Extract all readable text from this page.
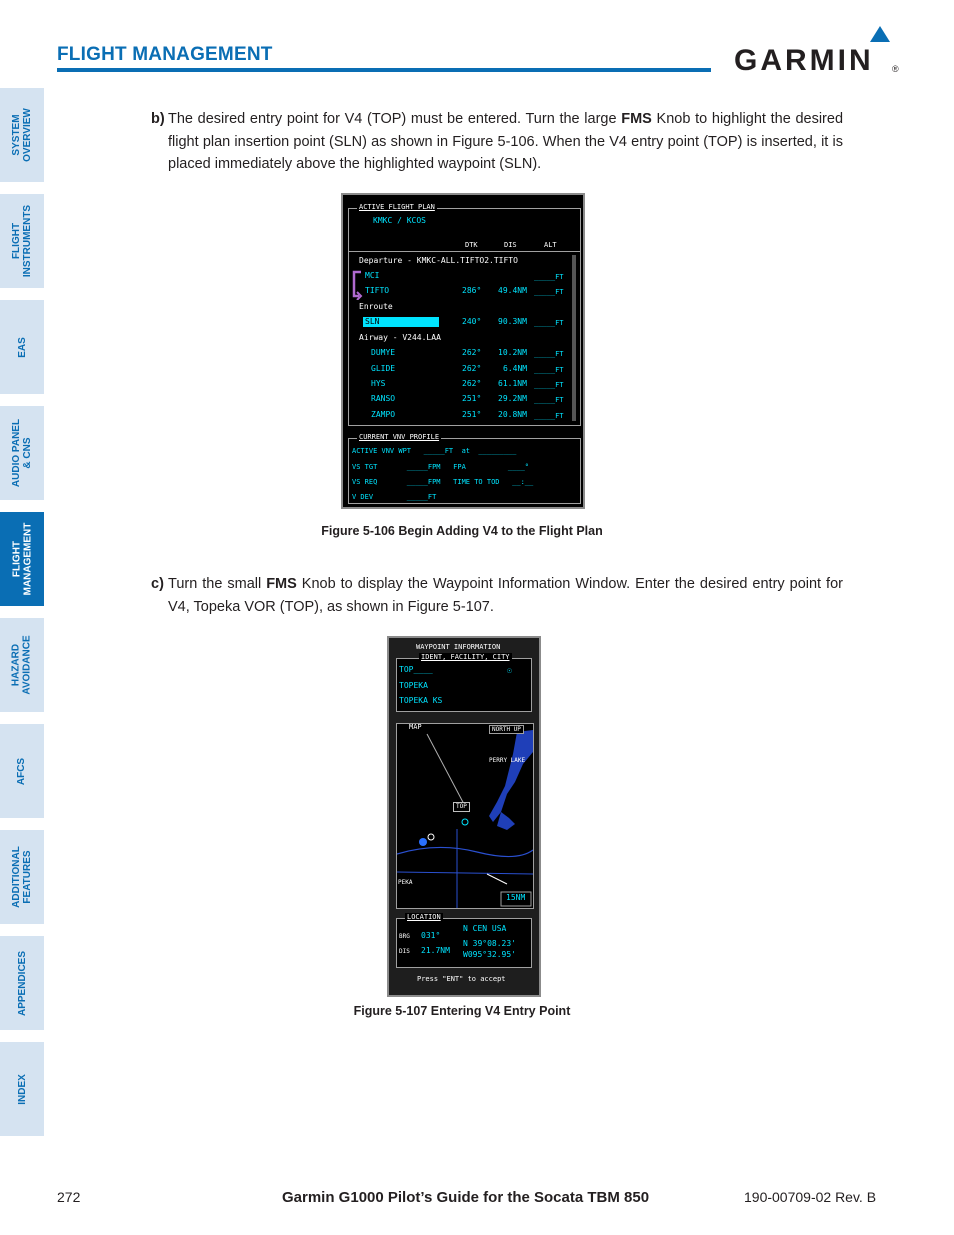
FLIGHT MANAGEMENT	GARMIN ®
SYSTEM
OVERVIEW
FLIGHT
INSTRUMENTS
EAS
AUDIO PANEL
& CNS
FLIGHT
MANAGEMENT
HAZARD
AVOIDANCE
AFCS
ADDITIONAL
FEATURES
APPENDICES
INDEX
b) The desired entry point for V4 (TOP) must be entered. Turn the large FMS Knob to highlight the desired flight plan insertion point (SLN) as shown in Figure 5-106. When the V4 entry point (TOP) is inserted, it is placed immediately above the highlighted waypoint (SLN).
ACTIVE FLIGHT PLAN
KMKC / KCOS
DTK	DIS	ALT
Departure - KMKC-ALL.TIFTO2.TIFTO
MCI	_____FT
TIFTO	286° 49.4NM _____FT
Enroute
SLN	240° 90.3NM _____FT
Airway - V244.LAA
DUMYE	262° 10.2NM _____FT
GLIDE	262°	6.4NM _____FT
HYS	262° 61.1NM _____FT
RANSO	251° 29.2NM _____FT
ZAMPO	251° 20.8NM _____FT
CURRENT VNV PROFILE
ACTIVE VNV WPT   _____FT  at  _________
VS TGT       _____FPM   FPA          ____°
VS REQ       _____FPM   TIME TO TOD   __:__
V DEV        _____FT
Figure 5-106 Begin Adding V4 to the Flight Plan
c) Turn the small FMS Knob to display the Waypoint Information Window. Enter the desired entry point for V4, Topeka VOR (TOP), as shown in Figure 5-107.
WAYPOINT INFORMATION
IDENT, FACILITY, CITY
TOP____	☉
TOPEKA
TOPEKA KS
MAP	NORTH UP
PERRY LAKE
TOP
PEKA
15NM
LOCATION
BRG 031°
DIS 21.7NM
N CEN USA
N 39°08.23'
W095°32.95'
Press "ENT" to accept
Figure 5-107 Entering V4 Entry Point
272	Garmin G1000 Pilot’s Guide for the Socata TBM 850	190-00709-02 Rev. B
